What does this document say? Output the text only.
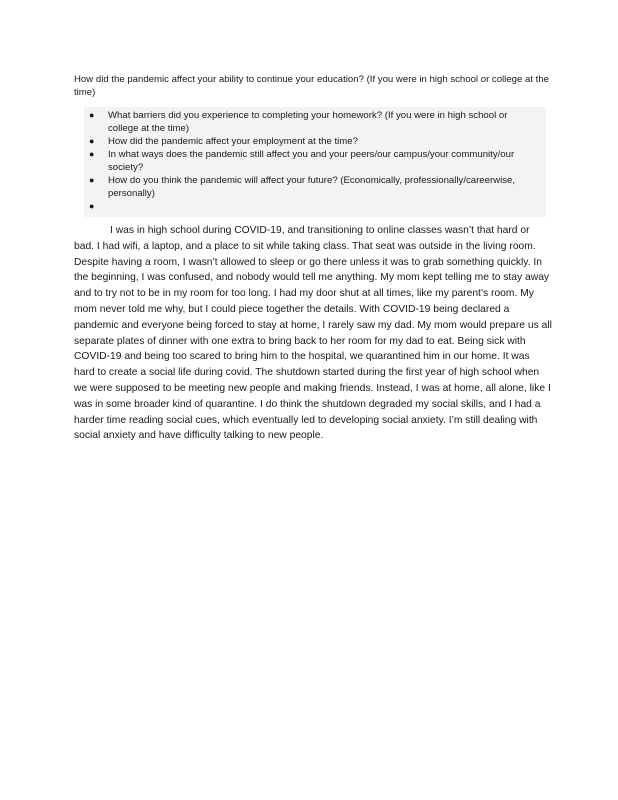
How did the pandemic affect your ability to continue your education? (If you were in high school or college at the time)

● What barriers did you experience to completing your homework? (If you were in high school or college at the time)
● How did the pandemic affect your employment at the time?
● In what ways does the pandemic still affect you and your peers/our campus/your community/our society?
● How do you think the pandemic will affect your future? (Economically, professionally/careerwise, personally)
●

I was in high school during COVID-19, and transitioning to online classes wasn’t that hard or bad. I had wifi, a laptop, and a place to sit while taking class. That seat was outside in the living room. Despite having a room, I wasn’t allowed to sleep or go there unless it was to grab something quickly. In the beginning, I was confused, and nobody would tell me anything. My mom kept telling me to stay away and to try not to be in my room for too long. I had my door shut at all times, like my parent’s room. My mom never told me why, but I could piece together the details. With COVID-19 being declared a pandemic and everyone being forced to stay at home, I rarely saw my dad. My mom would prepare us all separate plates of dinner with one extra to bring back to her room for my dad to eat. Being sick with COVID-19 and being too scared to bring him to the hospital, we quarantined him in our home. It was hard to create a social life during covid. The shutdown started during the first year of high school when we were supposed to be meeting new people and making friends. Instead, I was at home, all alone, like I was in some broader kind of quarantine. I do think the shutdown degraded my social skills, and I had a harder time reading social cues, which eventually led to developing social anxiety. I’m still dealing with social anxiety and have difficulty talking to new people.
